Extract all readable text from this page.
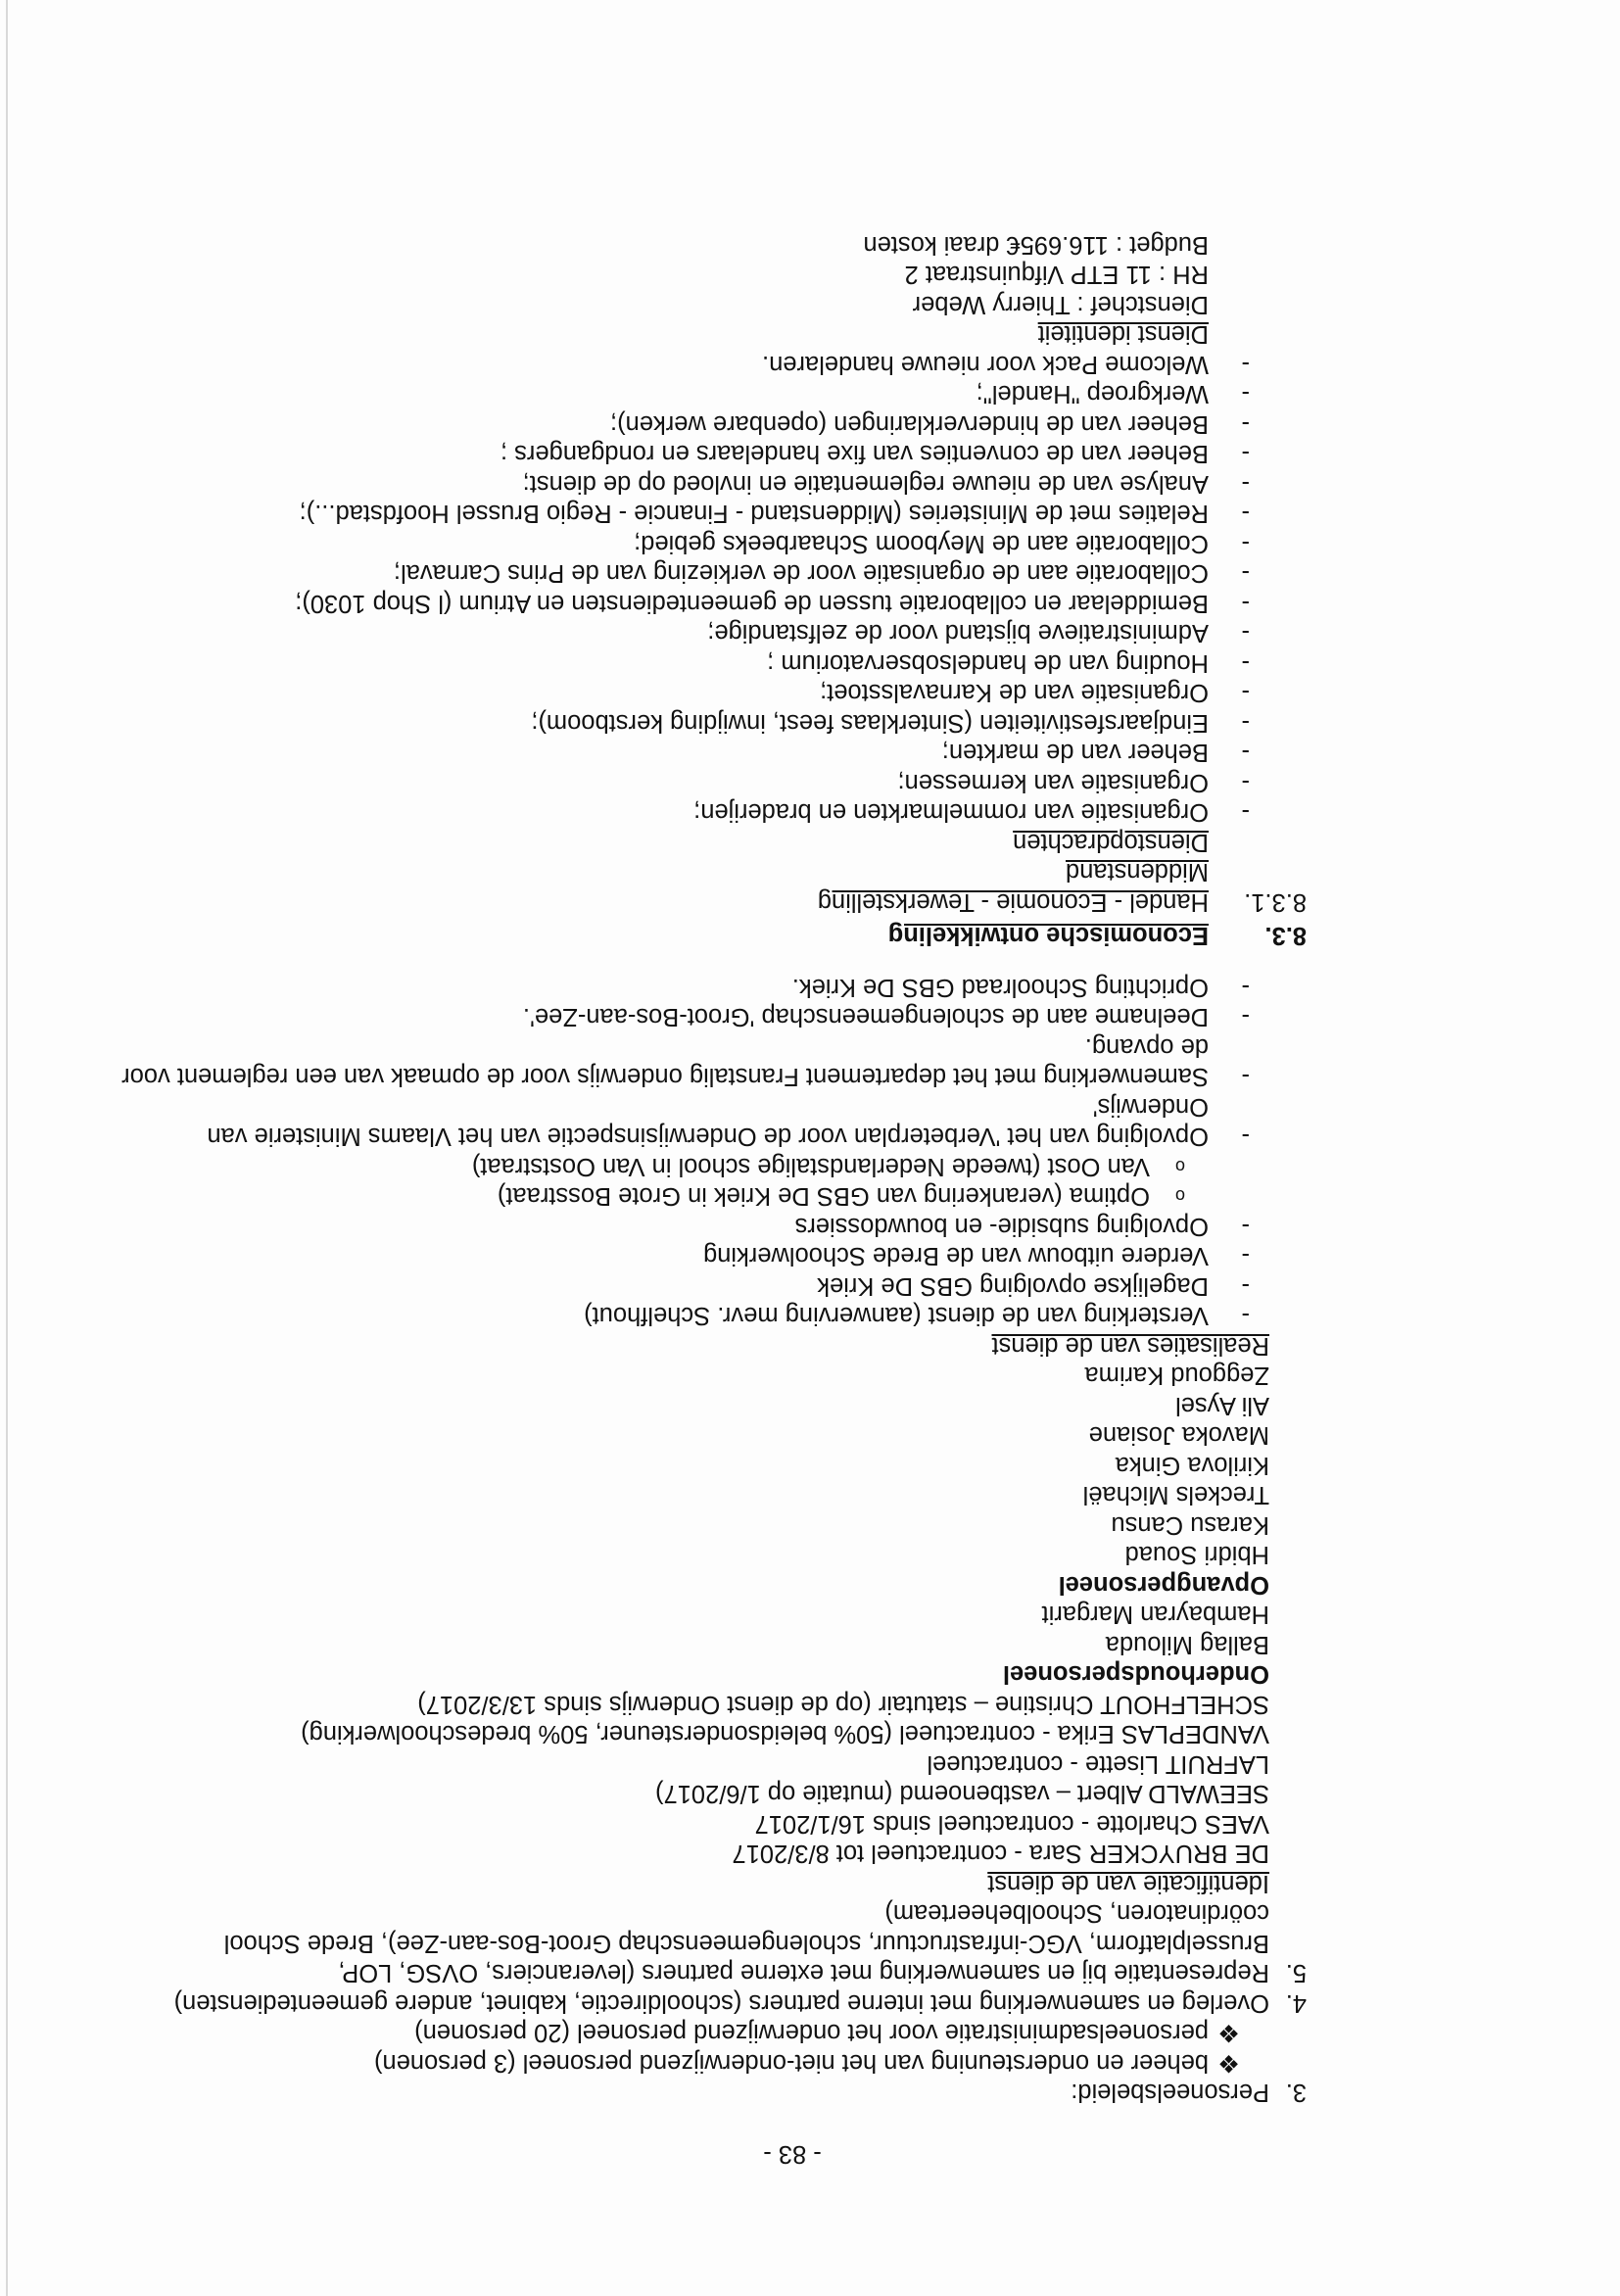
- 83 -
3.
Personeelsbeleid:
❖
beheer en ondersteuning van het niet-onderwijzend personeel (3 personen)
❖
personeelsadministratie voor het onderwijzend personeel (20 personen)
4.
Overleg en samenwerking met interne partners (schooldirectie, kabinet, andere gemeentediensten)
5.
Representatie bij en samenwerking met externe partners (leveranciers, OVSG, LOP,
Brusselplatform, VGC-infrastructuur, scholengemeenschap Groot-Bos-aan-Zee), Brede School
coördinatoren, Schoolbeheerteam)
Identificatie van de dienst
DE BRUYCKER Sara - contractueel tot 8/3/2017
VAES Charlotte - contractueel sinds 16/1/2017
SEEWALD Albert – vastbenoemd (mutatie op 1/6/2017)
LAFRUIT Lisette - contractueel
VANDEPLAS Erika - contractueel (50% beleidsondersteuner, 50% bredeschoolwerking)
SCHELFHOUT Christine – statutair (op de dienst Onderwijs sinds 13/3/2017)
Onderhoudspersoneel
Ballag Miloudа
Hambayran Margarit
Opvangpersoneel
Hbidri Souad
Karasu Cansu
Treckels Michaël
Kirilova Ginka
Mavoka Josiane
Ali Aysel
Zeggoud Karima
Realisaties van de dienst
-
Versterking van de dienst (aanwerving mevr. Schelfhout)
-
Dagelijkse opvolging GBS De Kriek
-
Verdere uitbouw van de Brede Schoolwerking
-
Opvolging subsidie- en bouwdossiers
o
Optima (verankering van GBS De Kriek in Grote Bosstraat)
o
Van Oost (tweede Nederlandstalige school in Van Ooststraat)
-
Opvolging van het 'Verbeterplan voor de Onderwijsinspectie van het Vlaams Ministerie van
Onderwijs'
-
Samenwerking met het departement Franstalig onderwijs voor de opmaak van een reglement voor
de opvang.
-
Deelname aan de scholengemeenschap 'Groot-Bos-aan-Zee'.
-
Oprichting Schoolraad GBS De Kriek.
8.3.
Economische ontwikkeling
8.3.1.
Handel - Economie - Tewerkstelling
Middenstand
Dienstopdrachten
-
Organisatie van rommelmarkten en braderijen;
-
Organisatie van kermessen;
-
Beheer van de markten;
-
Eindjaarsfestiviteiten (Sinterklaas feest, inwijding kerstboom);
-
Organisatie van de Karnavalsstoet;
-
Houding van de handelsobservatorium ;
-
Administratieve bijstand voor de zelfstandige;
-
Bemiddelaar en collaboratie tussen de gemeentediensten en Atrium (l Shop 1030);
-
Collaboratie aan de organisatie voor de verkiezing van de Prins Carnaval;
-
Collaboratie aan de Meyboom Schaarbeeks gebied;
-
Relaties met de Ministeries (Middenstand - Financie - Regio Brussel Hoofdstad...);
-
Analyse van de nieuwe reglementatie en invloed op de dienst;
-
Beheer van de conventies van fixe handelaars en rondgangers ;
-
Beheer van de hinderverklaringen (openbare werken);
-
Werkgroep "Handel";
-
Welcome Pack voor nieuwe handelaren.
Dienst identiteit
Dienstchef : Thierry Weber
RH : 11 ETP Vifquinstraat 2
Budget : 116.695€ draai kosten
